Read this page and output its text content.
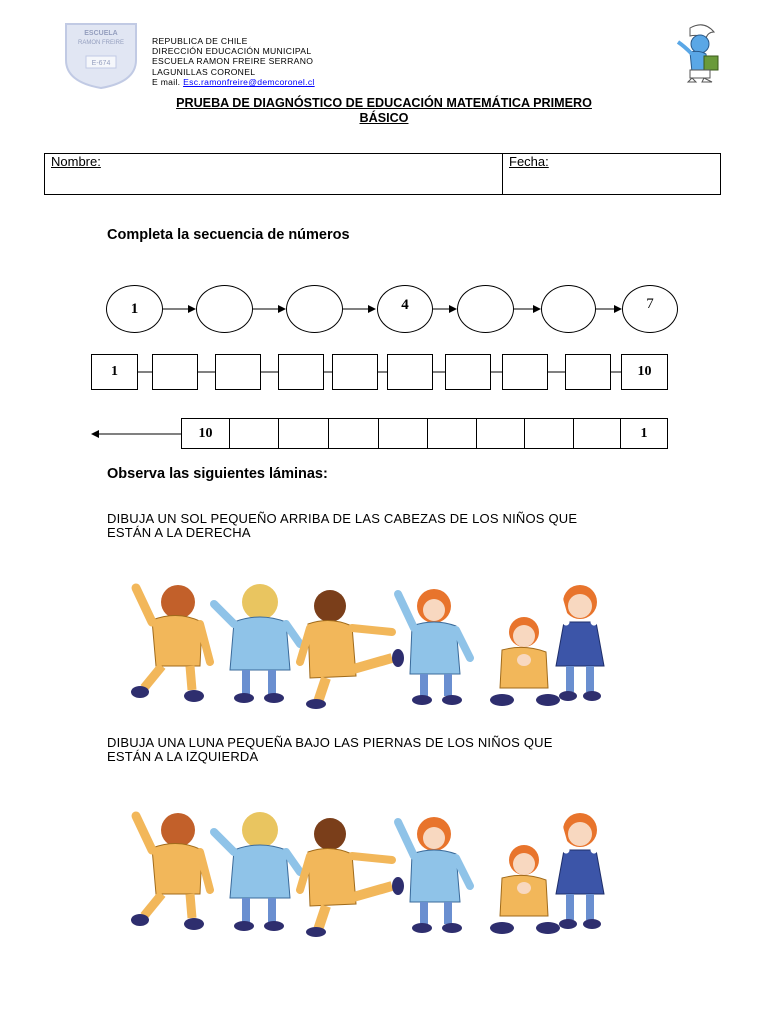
ESCUELA
RAMON FREIRE
E-674
REPUBLICA DE CHILE
DIRECCIÓN EDUCACIÓN MUNICIPAL
ESCUELA RAMON FREIRE SERRANO
LAGUNILLAS CORONEL
E mail. Esc.ramonfreire@demcoronel.cl
PRUEBA DE DIAGNÓSTICO DE EDUCACIÓN MATEMÁTICA PRIMERO
BÁSICO
Nombre:	Fecha:
Completa la secuencia de números
1	4	7
1	10
10	1
Observa las siguientes láminas:
DIBUJA UN SOL PEQUEÑO ARRIBA DE LAS CABEZAS DE LOS NIÑOS QUE
ESTÁN A LA DERECHA
DIBUJA UNA LUNA PEQUEÑA BAJO LAS PIERNAS DE LOS NIÑOS QUE
ESTÁN A LA IZQUIERDA
